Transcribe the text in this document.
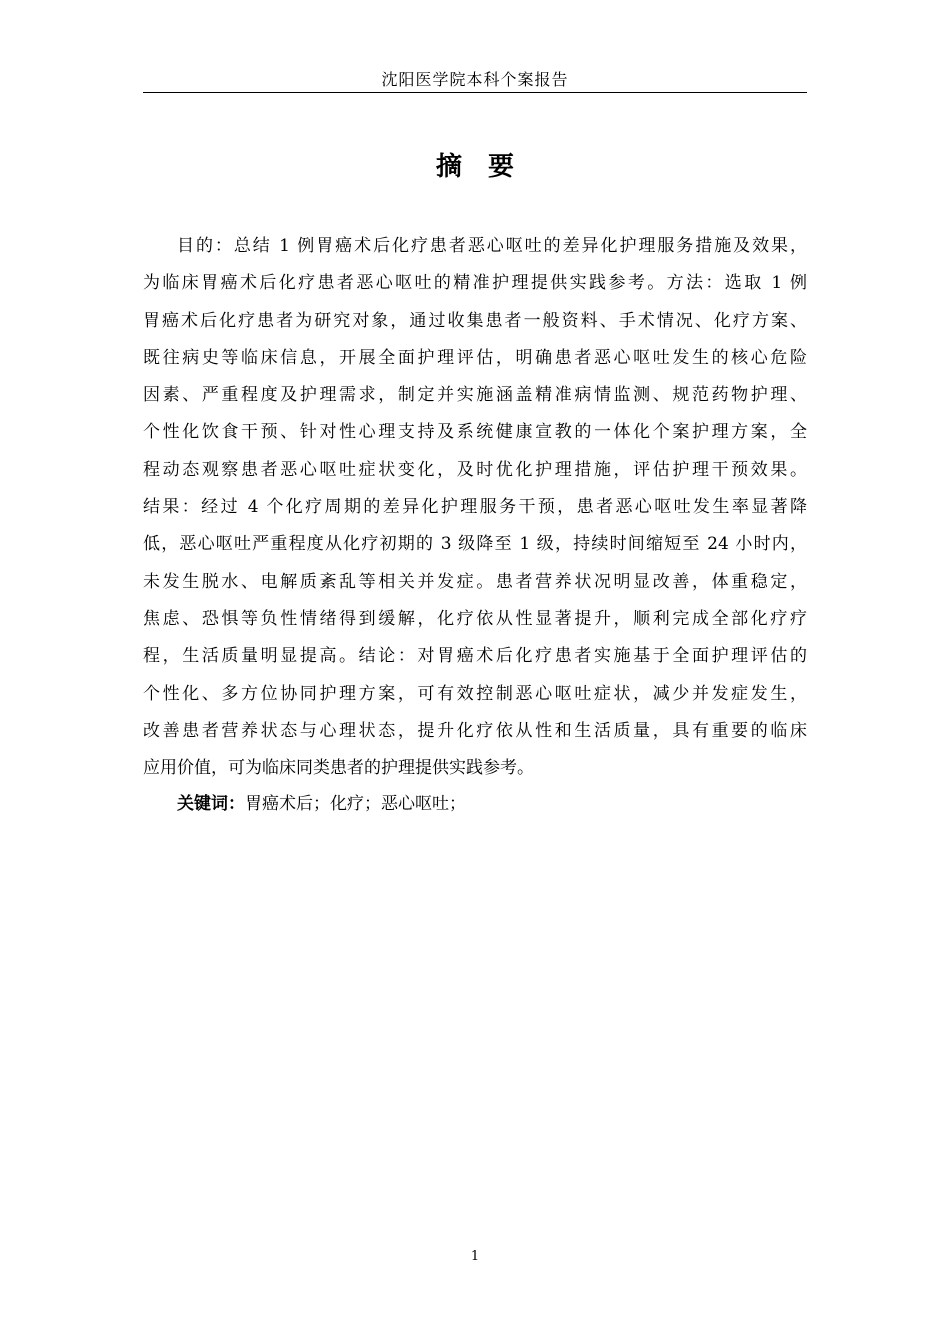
沈阳医学院本科个案报告
摘要
目的：总结 1 例胃癌术后化疗患者恶心呕吐的差异化护理服务措施及效果，
为临床胃癌术后化疗患者恶心呕吐的精准护理提供实践参考。方法：选取 1 例
胃癌术后化疗患者为研究对象，通过收集患者一般资料、手术情况、化疗方案、
既往病史等临床信息，开展全面护理评估，明确患者恶心呕吐发生的核心危险
因素、严重程度及护理需求，制定并实施涵盖精准病情监测、规范药物护理、
个性化饮食干预、针对性心理支持及系统健康宣教的一体化个案护理方案，全
程动态观察患者恶心呕吐症状变化，及时优化护理措施，评估护理干预效果。
结果：经过 4 个化疗周期的差异化护理服务干预，患者恶心呕吐发生率显著降
低，恶心呕吐严重程度从化疗初期的 3 级降至 1 级，持续时间缩短至 24 小时内，
未发生脱水、电解质紊乱等相关并发症。患者营养状况明显改善，体重稳定，
焦虑、恐惧等负性情绪得到缓解，化疗依从性显著提升，顺利完成全部化疗疗
程，生活质量明显提高。结论：对胃癌术后化疗患者实施基于全面护理评估的
个性化、多方位协同护理方案，可有效控制恶心呕吐症状，减少并发症发生，
改善患者营养状态与心理状态，提升化疗依从性和生活质量，具有重要的临床
应用价值，可为临床同类患者的护理提供实践参考。
关键词：胃癌术后；化疗；恶心呕吐；
1
